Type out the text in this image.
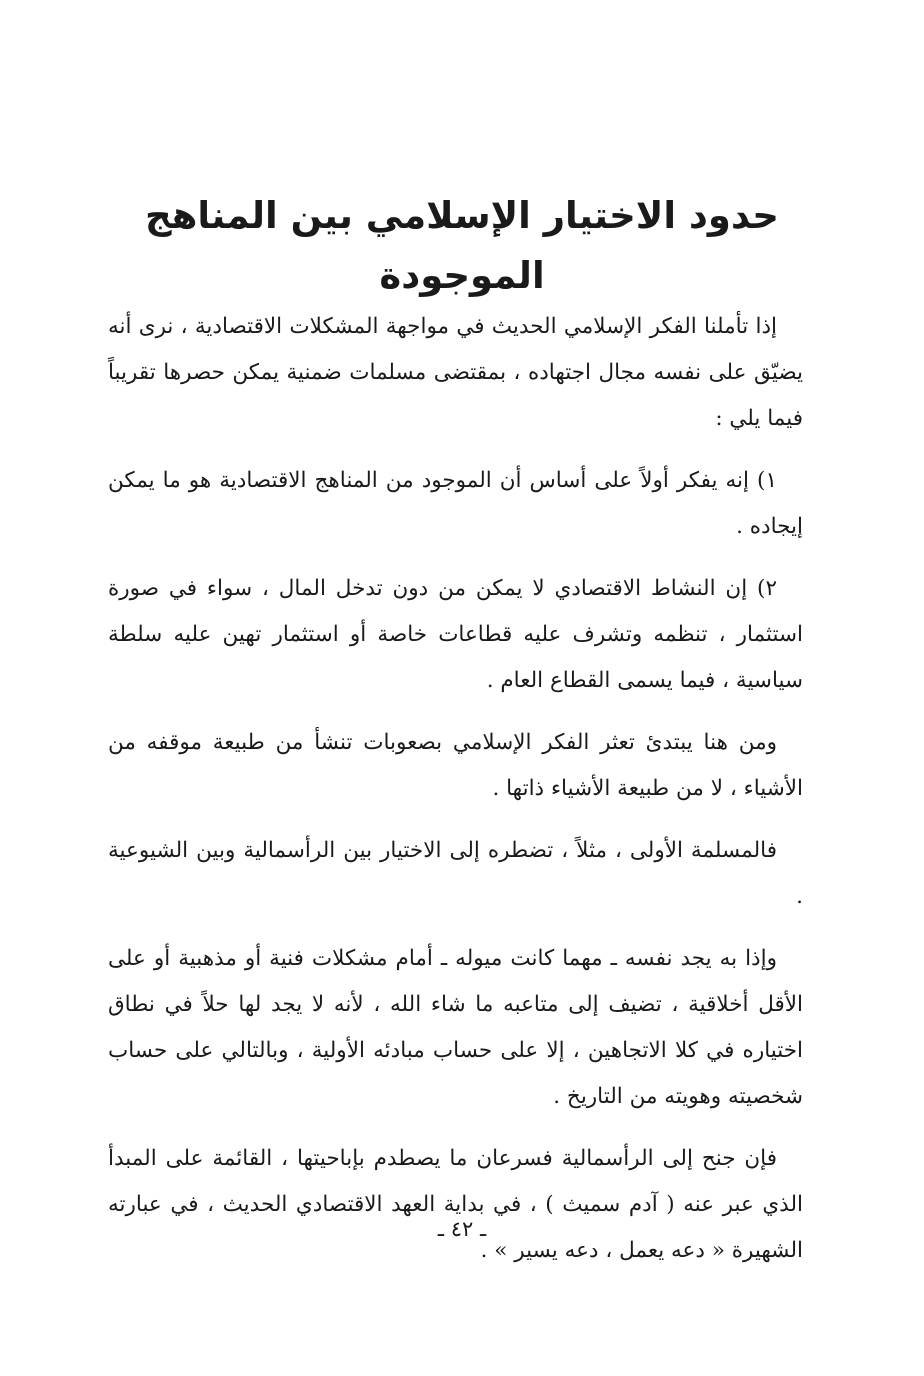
حدود الاختيار الإسلامي بين المناهج الموجودة

إذا تأملنا الفكر الإسلامي الحديث في مواجهة المشكلات الاقتصادية ، نرى أنه يضيّق على نفسه مجال اجتهاده ، بمقتضى مسلمات ضمنية يمكن حصرها تقريباً فيما يلي :

١) إنه يفكر أولاً على أساس أن الموجود من المناهج الاقتصادية هو ما يمكن إيجاده .

٢) إن النشاط الاقتصادي لا يمكن من دون تدخل المال ، سواء في صورة استثمار ، تنظمه وتشرف عليه قطاعات خاصة أو استثمار تهين عليه سلطة سياسية ، فيما يسمى القطاع العام .

ومن هنا يبتدئ تعثر الفكر الإسلامي بصعوبات تنشأ من طبيعة موقفه من الأشياء ، لا من طبيعة الأشياء ذاتها .

فالمسلمة الأولى ، مثلاً ، تضطره إلى الاختيار بين الرأسمالية وبين الشيوعية .

وإذا به يجد نفسه ـ مهما كانت ميوله ـ أمام مشكلات فنية أو مذهبية أو على الأقل أخلاقية ، تضيف إلى متاعبه ما شاء الله ، لأنه لا يجد لها حلاً في نطاق اختياره في كلا الاتجاهين ، إلا على حساب مبادئه الأولية ، وبالتالي على حساب شخصيته وهويته من التاريخ .

فإن جنح إلى الرأسمالية فسرعان ما يصطدم بإباحيتها ، القائمة على المبدأ الذي عبر عنه ( آدم سميث ) ، في بداية العهد الاقتصادي الحديث ، في عبارته الشهيرة « دعه يعمل ، دعه يسير » .

ـ ٤٢ ـ
